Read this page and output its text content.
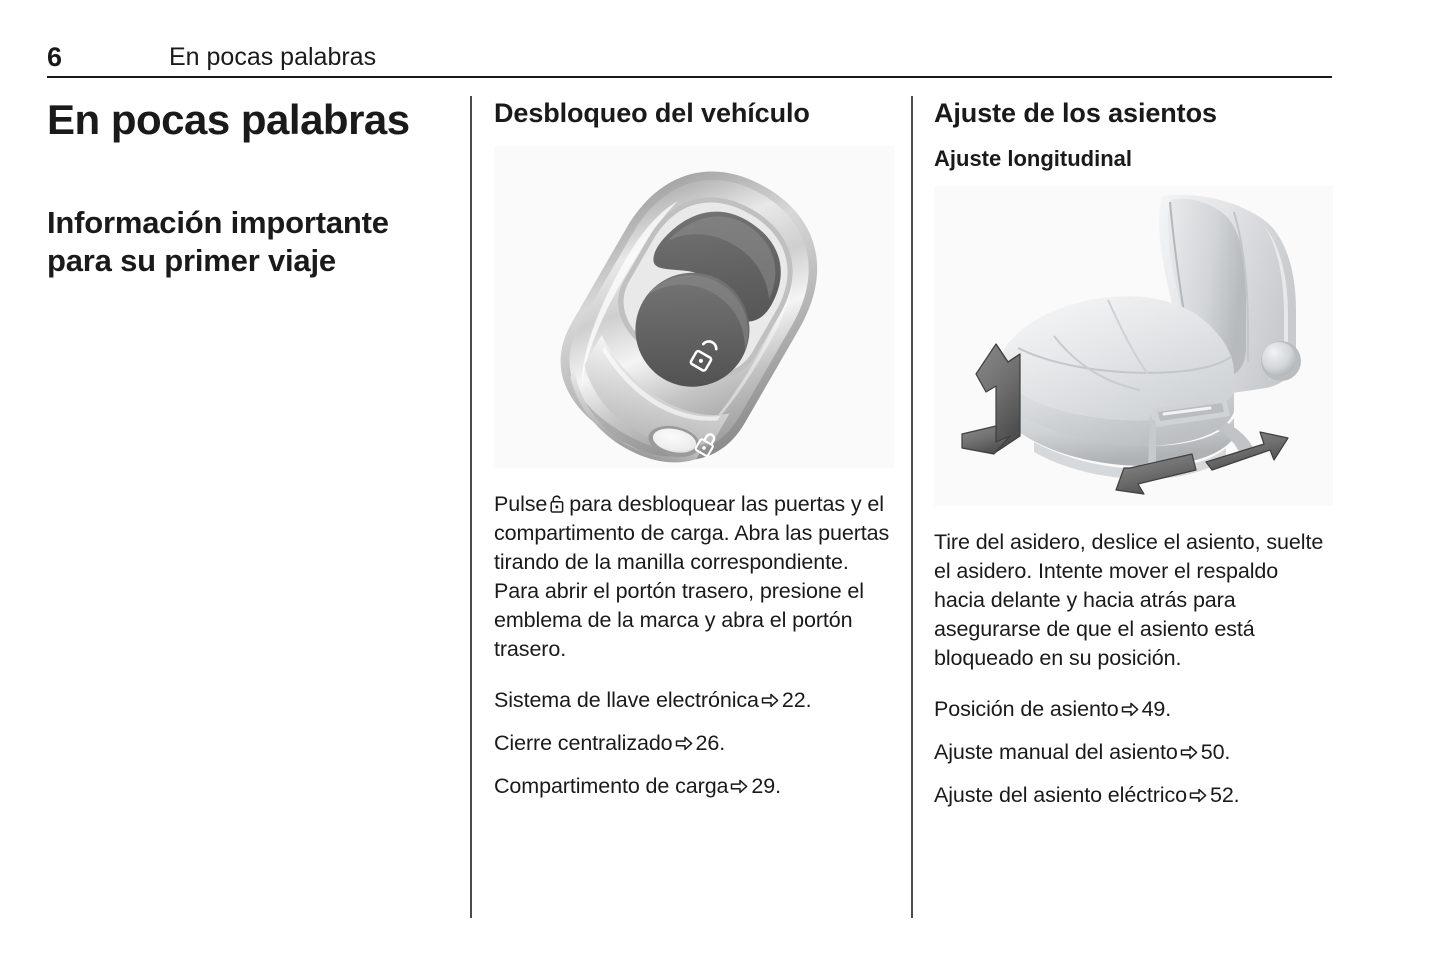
6	En pocas palabras
En pocas palabras
Información importante
para su primer viaje
Desbloqueo del vehículo

Pulse para desbloquear las puertas y el compartimento de carga. Abra las puertas tirando de la manilla correspondiente. Para abrir el portón trasero, presione el emblema de la marca y abra el portón trasero.

Sistema de llave electrónica 22.

Cierre centralizado 26.

Compartimento de carga 29.

Ajuste de los asientos
Ajuste longitudinal

Tire del asidero, deslice el asiento, suelte el asidero. Intente mover el respaldo hacia delante y hacia atrás para asegurarse de que el asiento está bloqueado en su posición.

Posición de asiento 49.

Ajuste manual del asiento 50.

Ajuste del asiento eléctrico 52.
